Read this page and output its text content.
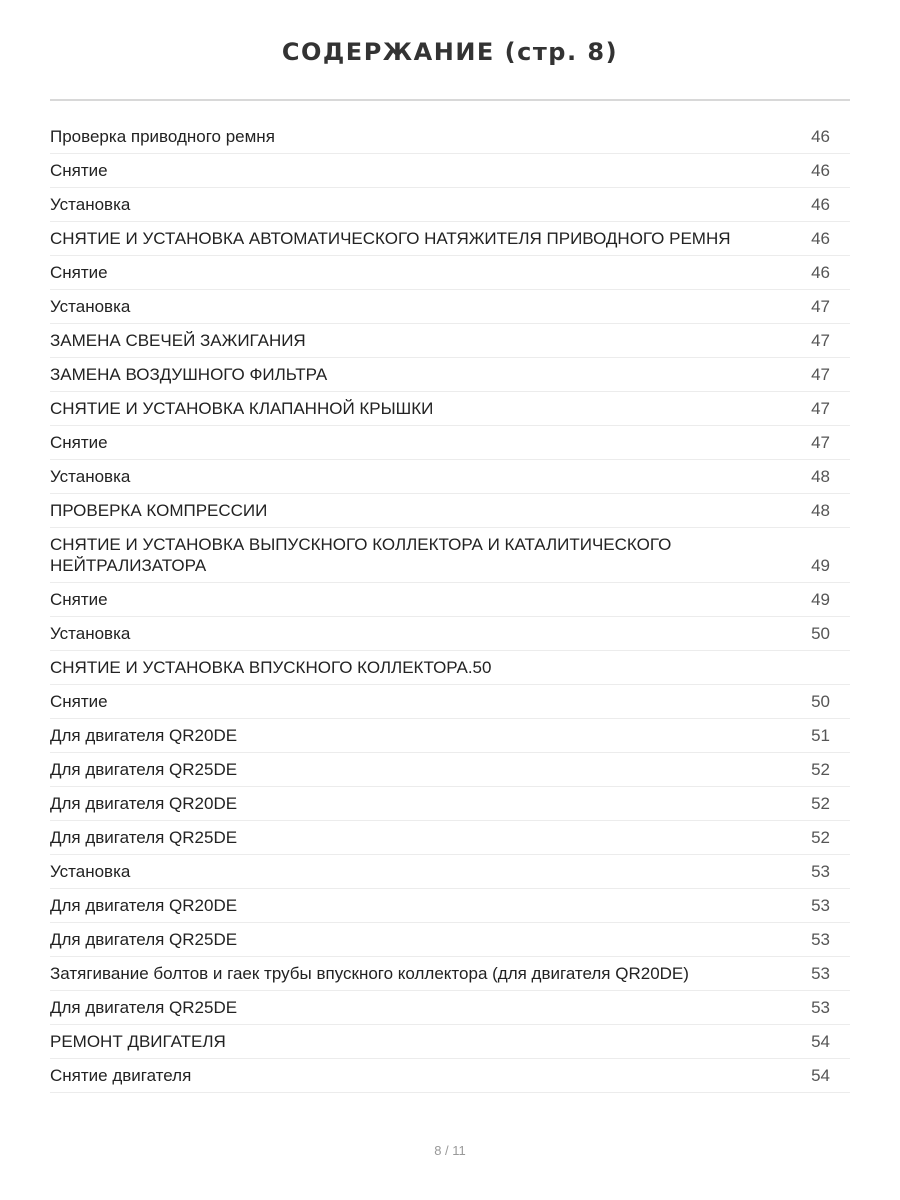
СОДЕРЖАНИЕ (стр. 8)
Проверка приводного ремня	46
Снятие	46
Установка	46
СНЯТИЕ И УСТАНОВКА АВТОМАТИЧЕСКОГО НАТЯЖИТЕЛЯ ПРИВОДНОГО РЕМНЯ	46
Снятие	46
Установка	47
ЗАМЕНА СВЕЧЕЙ ЗАЖИГАНИЯ	47
ЗАМЕНА ВОЗДУШНОГО ФИЛЬТРА	47
СНЯТИЕ И УСТАНОВКА КЛАПАННОЙ КРЫШКИ	47
Снятие	47
Установка	48
ПРОВЕРКА КОМПРЕССИИ	48
СНЯТИЕ И УСТАНОВКА ВЫПУСКНОГО КОЛЛЕКТОРА И КАТАЛИТИЧЕСКОГО НЕЙТРАЛИЗАТОРА	49
Снятие	49
Установка	50
СНЯТИЕ И УСТАНОВКА ВПУСКНОГО КОЛЛЕКТОРА.50
Снятие	50
Для двигателя QR20DE	51
Для двигателя QR25DE	52
Для двигателя QR20DE	52
Для двигателя QR25DE	52
Установка	53
Для двигателя QR20DE	53
Для двигателя QR25DE	53
Затягивание болтов и гаек трубы впускного коллектора (для двигателя QR20DE)	53
Для двигателя QR25DE	53
РЕМОНТ ДВИГАТЕЛЯ	54
Снятие двигателя	54
8 / 11
